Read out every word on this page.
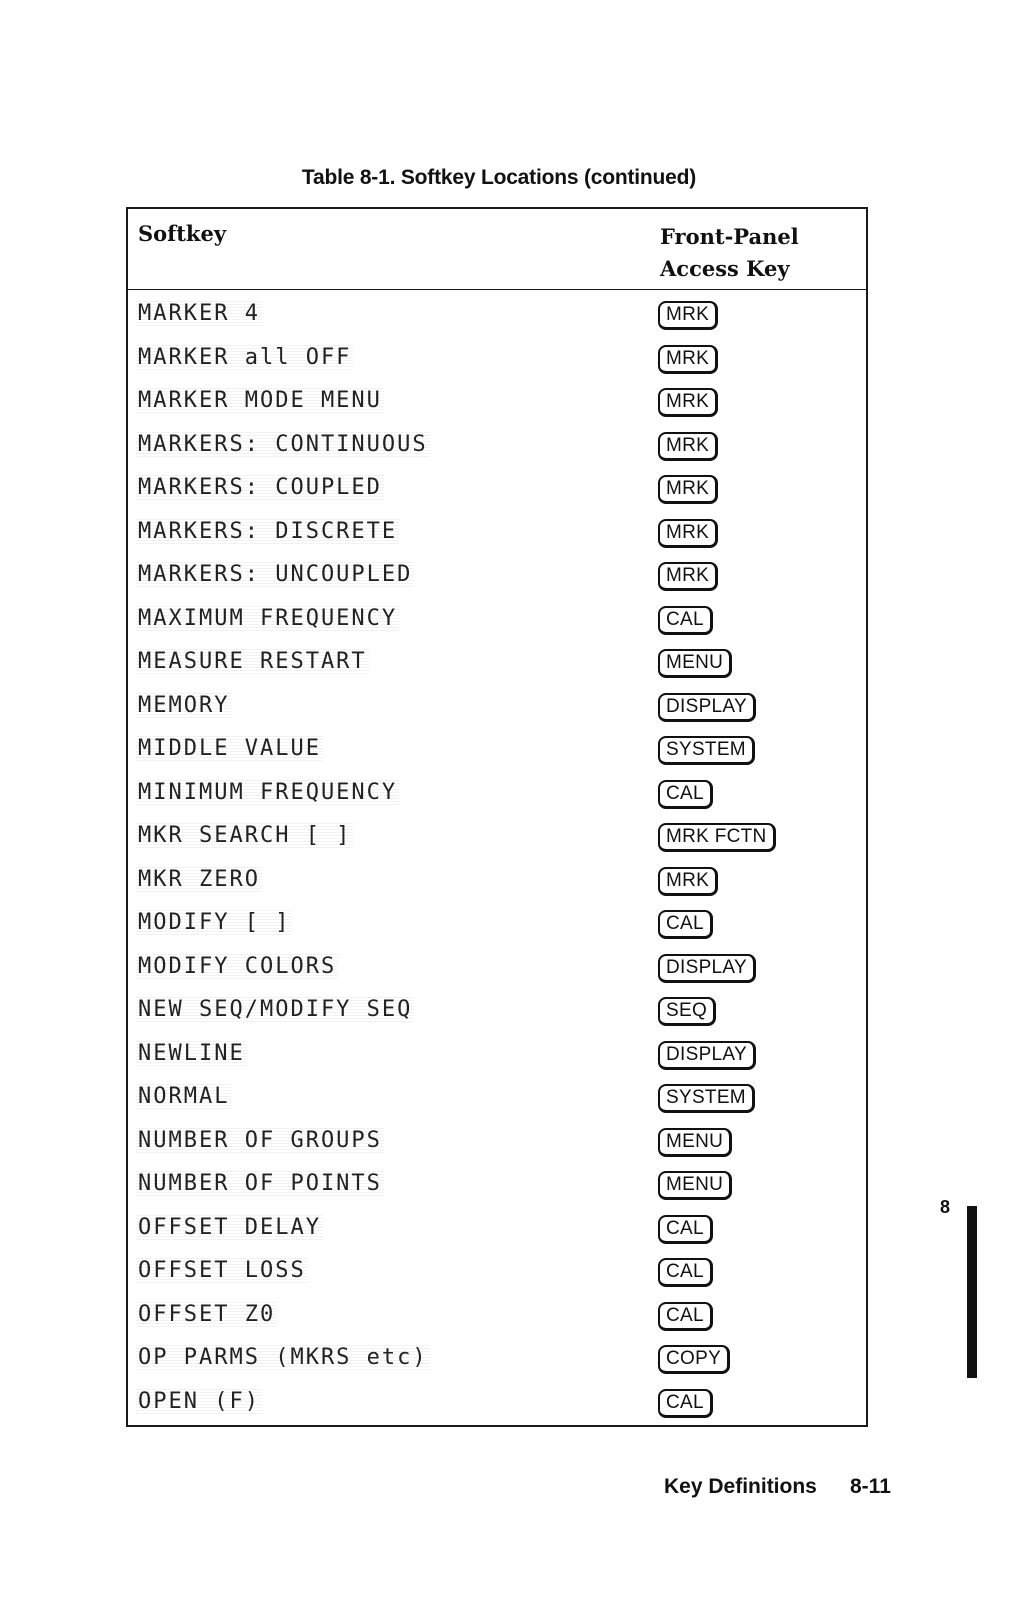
Table 8-1. Softkey Locations (continued)
Softkey	Front-Panel
Access Key
MARKER 4	MRK
MARKER all OFF	MRK
MARKER MODE MENU	MRK
MARKERS: CONTINUOUS	MRK
MARKERS: COUPLED	MRK
MARKERS: DISCRETE	MRK
MARKERS: UNCOUPLED	MRK
MAXIMUM FREQUENCY	CAL
MEASURE RESTART	MENU
MEMORY	DISPLAY
MIDDLE VALUE	SYSTEM
MINIMUM FREQUENCY	CAL
MKR SEARCH [ ]	MRK FCTN
MKR ZERO	MRK
MODIFY [ ]	CAL
MODIFY COLORS	DISPLAY
NEW SEQ/MODIFY SEQ	SEQ
NEWLINE	DISPLAY
NORMAL	SYSTEM
NUMBER OF GROUPS	MENU
NUMBER OF POINTS	MENU
OFFSET DELAY	CAL
OFFSET LOSS	CAL
OFFSET Z0	CAL
OP PARMS (MKRS etc)	COPY
OPEN (F)	CAL
8
Key Definitions 8-11
